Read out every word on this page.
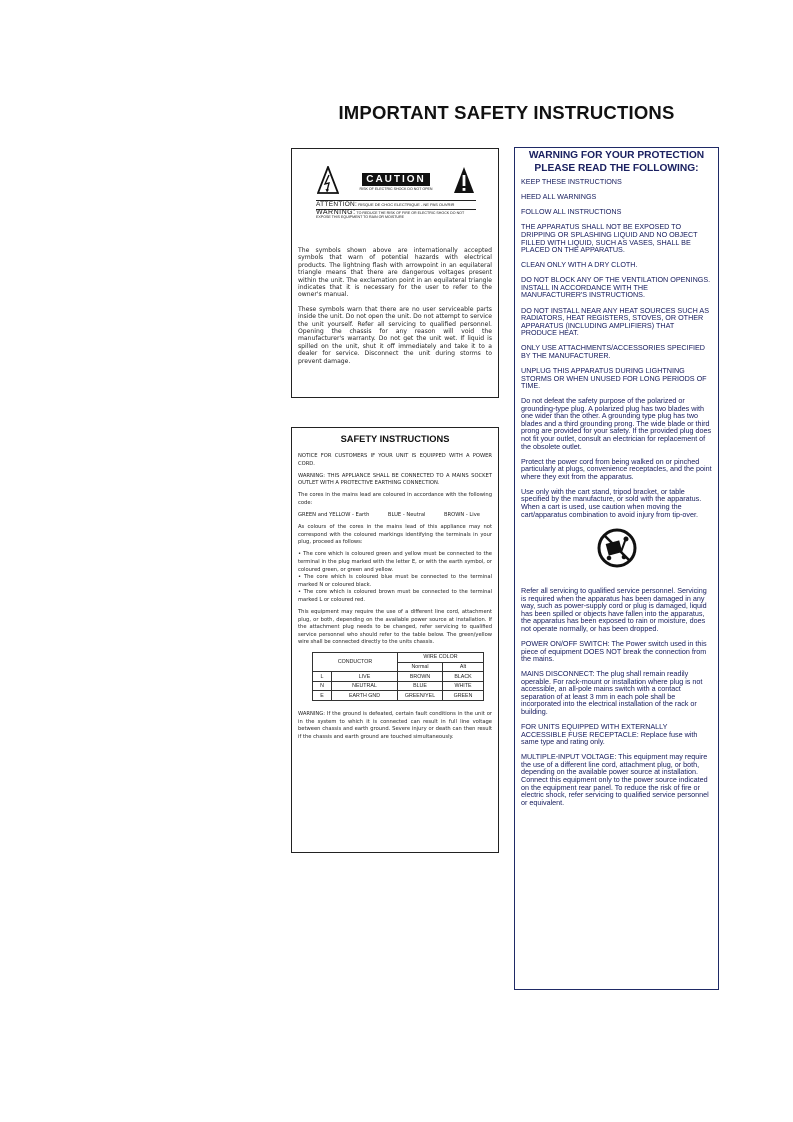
IMPORTANT SAFETY INSTRUCTIONS
CAUTION
RISK OF ELECTRIC SHOCK DO NOT OPEN
ATTENTION: RISQUE DE CHOC ELECTRIQUE - NE PAS OUVRIR
WARNING: TO REDUCE THE RISK OF FIRE OR ELECTRIC SHOCK DO NOT EXPOSE THIS EQUIPMENT TO RAIN OR MOISTURE

The symbols shown above are internationally accepted symbols that warn of potential hazards with electrical products. The lightning flash with arrowpoint in an equilateral triangle means that there are dangerous voltages present within the unit. The exclamation point in an equilateral triangle indicates that it is necessary for the user to refer to the owner's manual.

These symbols warn that there are no user serviceable parts inside the unit. Do not open the unit. Do not attempt to service the unit yourself. Refer all servicing to qualified personnel. Opening the chassis for any reason will void the manufacturer's warranty. Do not get the unit wet. If liquid is spilled on the unit, shut it off immediately and take it to a dealer for service. Disconnect the unit during storms to prevent damage.

SAFETY INSTRUCTIONS

NOTICE FOR CUSTOMERS IF YOUR UNIT IS EQUIPPED WITH A POWER CORD.

WARNING: THIS APPLIANCE SHALL BE CONNECTED TO A MAINS SOCKET OUTLET WITH A PROTECTIVE EARTHING CONNECTION.

The cores in the mains lead are coloured in accordance with the following code:

GREEN and YELLOW - Earth	BLUE - Neutral	BROWN - Live

As colours of the cores in the mains lead of this appliance may not correspond with the coloured markings identifying the terminals in your plug, proceed as follows:

• The core which is coloured green and yellow must be connected to the terminal in the plug marked with the letter E, or with the earth symbol, or coloured green, or green and yellow.

• The core which is coloured blue must be connected to the terminal marked N or coloured black.

• The core which is coloured brown must be connected to the terminal marked L or coloured red.

This equipment may require the use of a different line cord, attachment plug, or both, depending on the available power source at installation. If the attachment plug needs to be changed, refer servicing to qualified service personnel who should refer to the table below. The green/yellow wire shall be connected directly to the units chassis.

CONDUCTOR		WIRE COLOR	
		Normal	Alt
L	LIVE	BROWN	BLACK
N	NEUTRAL	BLUE	WHITE
E	EARTH GND	GREEN/YEL	GREEN

WARNING: If the ground is defeated, certain fault conditions in the unit or in the system to which it is connected can result in full line voltage between chassis and earth ground. Severe injury or death can then result if the chassis and earth ground are touched simultaneously.

WARNING FOR YOUR PROTECTION
PLEASE READ THE FOLLOWING:

KEEP THESE INSTRUCTIONS

HEED ALL WARNINGS

FOLLOW ALL INSTRUCTIONS

THE APPARATUS SHALL NOT BE EXPOSED TO DRIPPING OR SPLASHING LIQUID AND NO OBJECT FILLED WITH LIQUID, SUCH AS VASES, SHALL BE PLACED ON THE APPARATUS.

CLEAN ONLY WITH A DRY CLOTH.

DO NOT BLOCK ANY OF THE VENTILATION OPENINGS. INSTALL IN ACCORDANCE WITH THE MANUFACTURER'S INSTRUCTIONS.

DO NOT INSTALL NEAR ANY HEAT SOURCES SUCH AS RADIATORS, HEAT REGISTERS, STOVES, OR OTHER APPARATUS (INCLUDING AMPLIFIERS) THAT PRODUCE HEAT.

ONLY USE ATTACHMENTS/ACCESSORIES SPECIFIED BY THE MANUFACTURER.

UNPLUG THIS APPARATUS DURING LIGHTNING STORMS OR WHEN UNUSED FOR LONG PERIODS OF TIME.

Do not defeat the safety purpose of the polarized or grounding-type plug. A polarized plug has two blades with one wider than the other. A grounding type plug has two blades and a third grounding prong. The wide blade or third prong are provided for your safety. If the provided plug does not fit your outlet, consult an electrician for replacement of the obsolete outlet.

Protect the power cord from being walked on or pinched particularly at plugs, convenience receptacles, and the point where they exit from the apparatus.

Use only with the cart stand, tripod bracket, or table specified by the manufacture, or sold with the apparatus. When a cart is used, use caution when moving the cart/apparatus combination to avoid injury from tip-over.

Refer all servicing to qualified service personnel. Servicing is required when the apparatus has been damaged in any way, such as power-supply cord or plug is damaged, liquid has been spilled or objects have fallen into the apparatus, the apparatus has been exposed to rain or moisture, does not operate normally, or has been dropped.

POWER ON/OFF SWITCH: The Power switch used in this piece of equipment DOES NOT break the connection from the mains.

MAINS DISCONNECT: The plug shall remain readily operable. For rack-mount or installation where plug is not accessible, an all-pole mains switch with a contact separation of at least 3 mm in each pole shall be incorporated into the electrical installation of the rack or building.

FOR UNITS EQUIPPED WITH EXTERNALLY ACCESSIBLE FUSE RECEPTACLE: Replace fuse with same type and rating only.

MULTIPLE-INPUT VOLTAGE: This equipment may require the use of a different line cord, attachment plug, or both, depending on the available power source at installation. Connect this equipment only to the power source indicated on the equipment rear panel. To reduce the risk of fire or electric shock, refer servicing to qualified service personnel or equivalent.
